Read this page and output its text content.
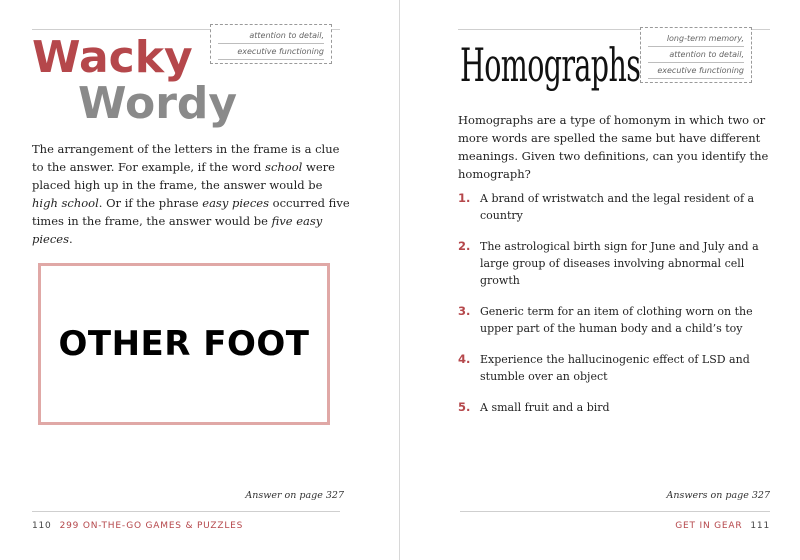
attention to detail,
executive functioning
Wacky
Wordy
The arrangement of the letters in the frame is a clue to the answer. For example, if the word school were placed high up in the frame, the answer would be high school. Or if the phrase easy pieces occurred five times in the frame, the answer would be five easy pieces.
OTHER FOOT
Answer on page 327
110 299 ON-THE-GO GAMES & PUZZLES
Homographs	long-term memory,
attention to detail,
executive functioning
Homographs are a type of homonym in which two or more words are spelled the same but have different meanings. Given two definitions, can you identify the homograph?
1. A brand of wristwatch and the legal resident of a country
2. The astrological birth sign for June and July and a large group of diseases involving abnormal cell growth
3. Generic term for an item of clothing worn on the upper part of the human body and a child’s toy
4. Experience the hallucinogenic effect of LSD and stumble over an object
5. A small fruit and a bird
Answers on page 327
GET IN GEAR 111
